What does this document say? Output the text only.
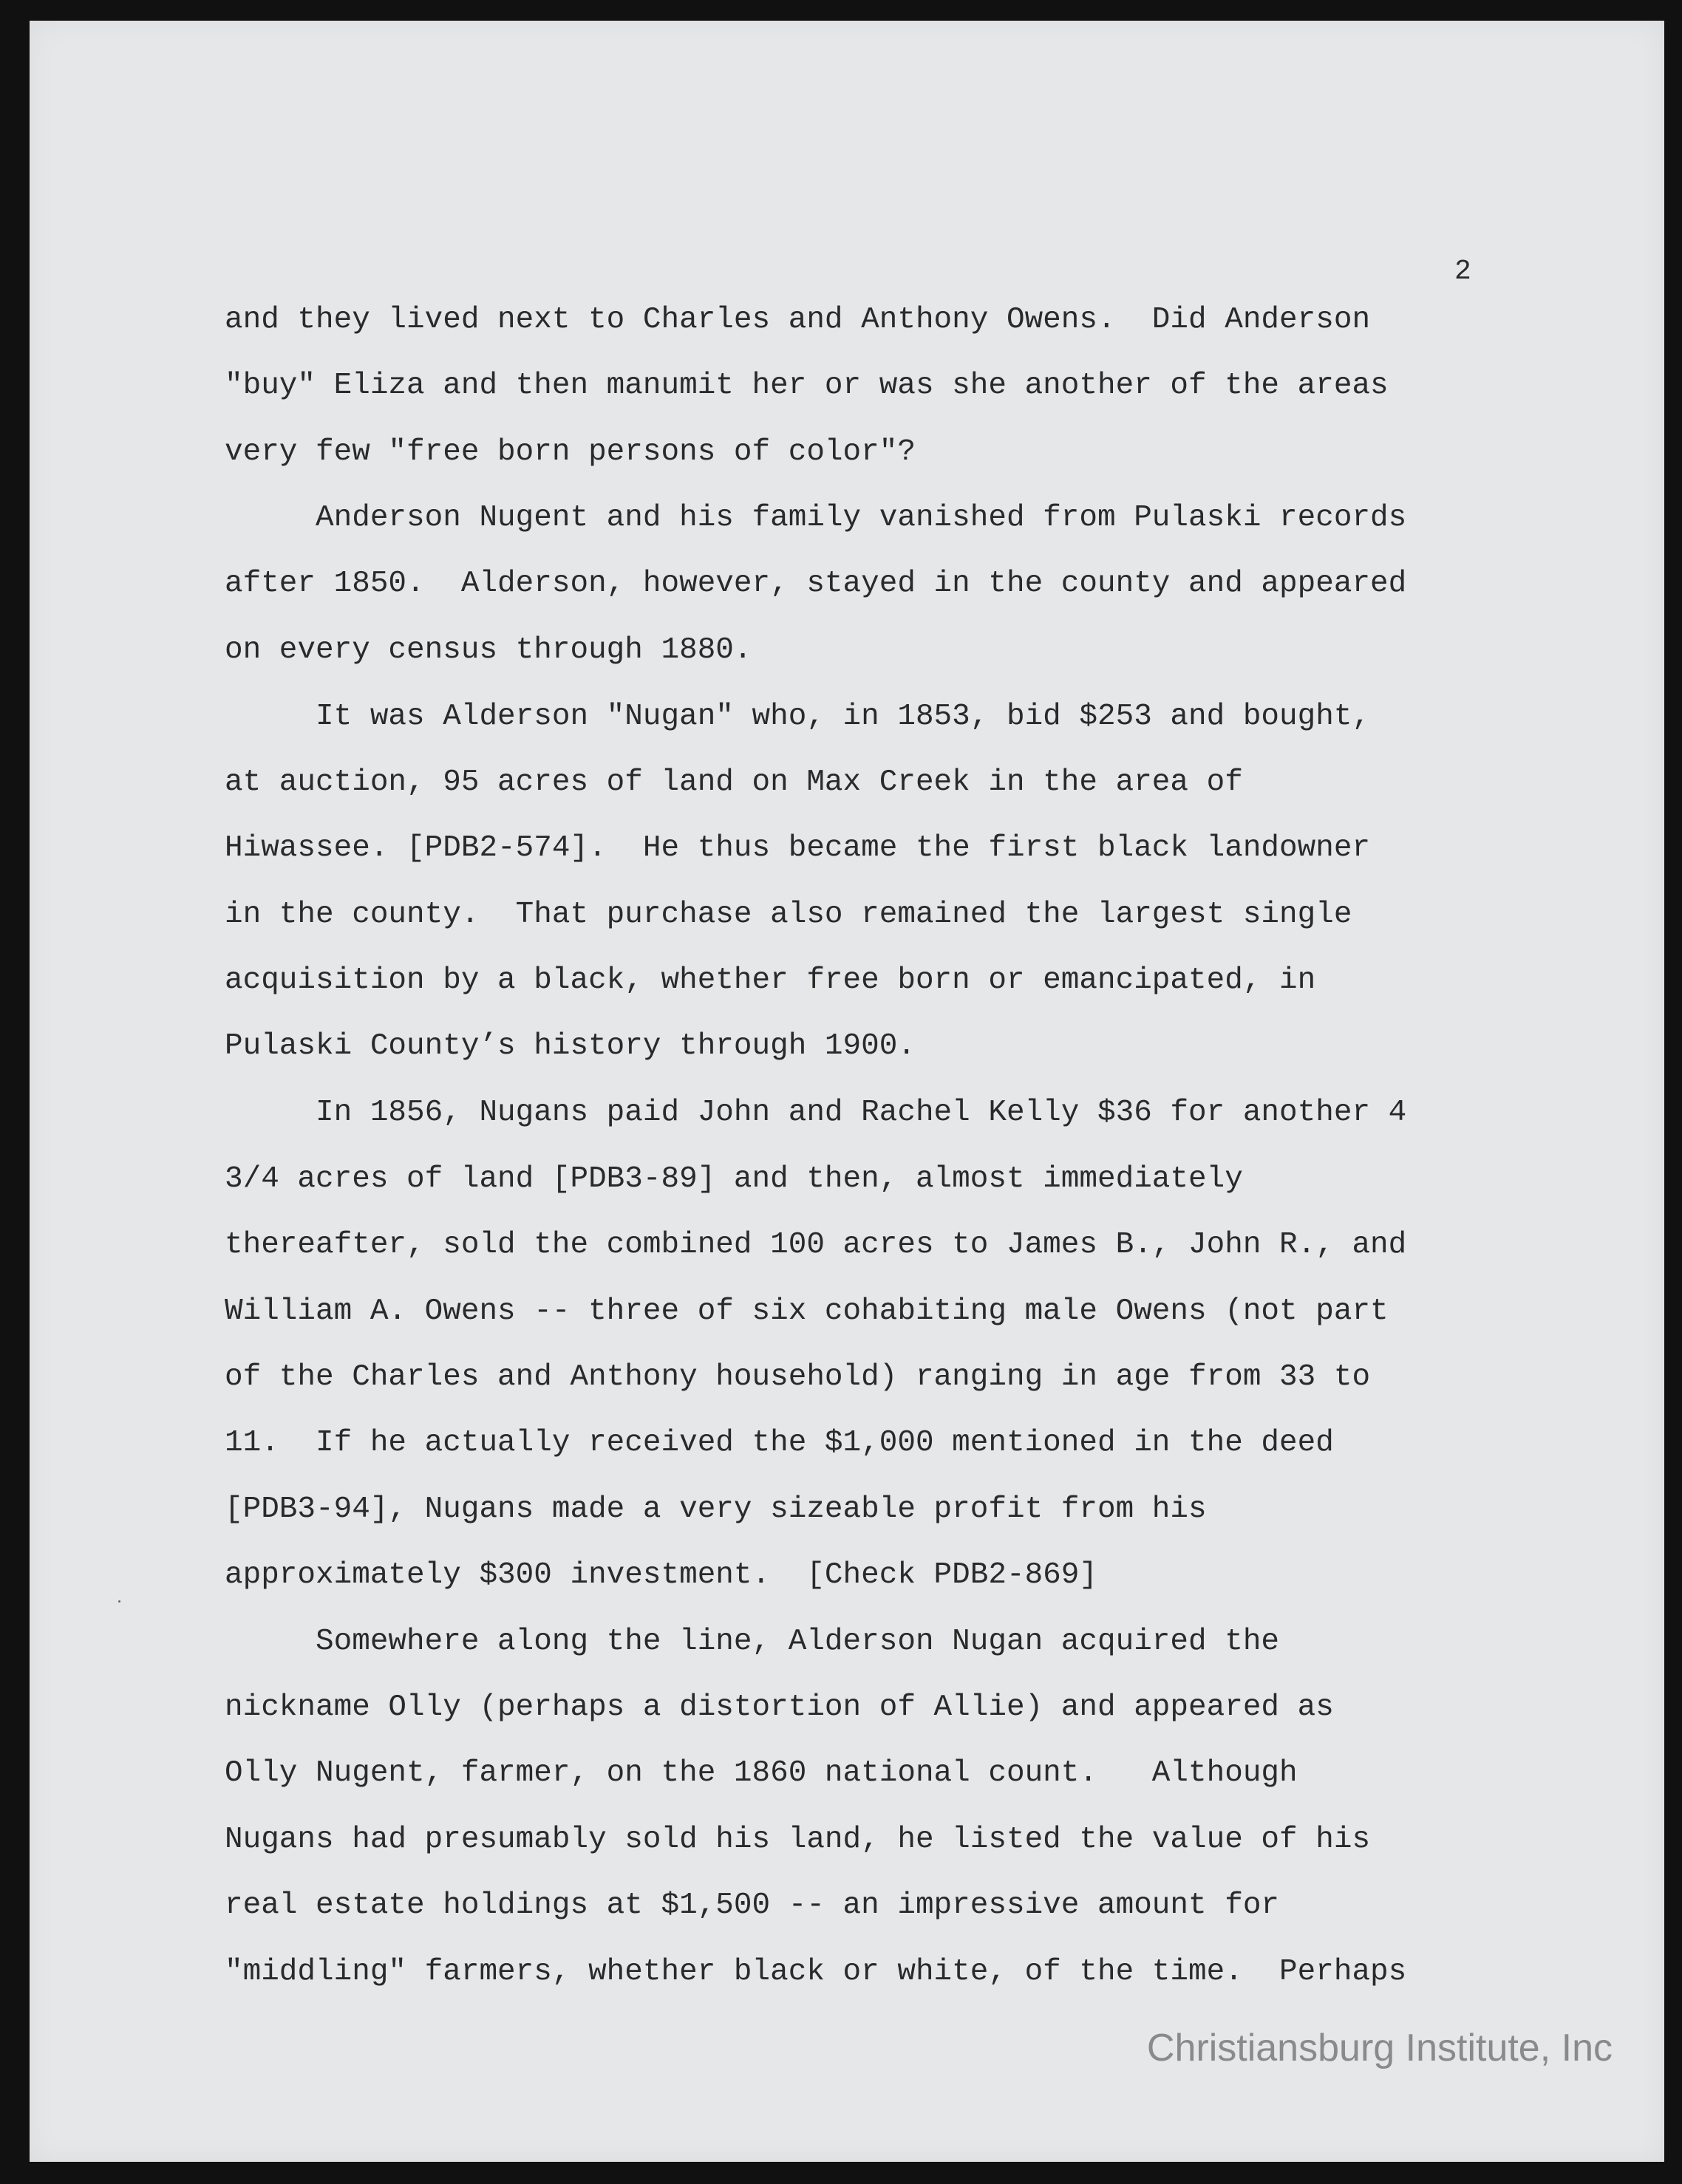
2

and they lived next to Charles and Anthony Owens.  Did Anderson

"buy" Eliza and then manumit her or was she another of the areas

very few "free born persons of color"?

Anderson Nugent and his family vanished from Pulaski records

after 1850.  Alderson, however, stayed in the county and appeared

on every census through 1880.

It was Alderson "Nugan" who, in 1853, bid $253 and bought,

at auction, 95 acres of land on Max Creek in the area of

Hiwassee. [PDB2-574].  He thus became the first black landowner

in the county.  That purchase also remained the largest single

acquisition by a black, whether free born or emancipated, in

Pulaski County’s history through 1900.

In 1856, Nugans paid John and Rachel Kelly $36 for another 4

3/4 acres of land [PDB3-89] and then, almost immediately

thereafter, sold the combined 100 acres to James B., John R., and

William A. Owens -- three of six cohabiting male Owens (not part

of the Charles and Anthony household) ranging in age from 33 to

11.  If he actually received the $1,000 mentioned in the deed

[PDB3-94], Nugans made a very sizeable profit from his

approximately $300 investment.  [Check PDB2-869]

Somewhere along the line, Alderson Nugan acquired the

nickname Olly (perhaps a distortion of Allie) and appeared as

Olly Nugent, farmer, on the 1860 national count.   Although

Nugans had presumably sold his land, he listed the value of his

real estate holdings at $1,500 -- an impressive amount for

"middling" farmers, whether black or white, of the time.  Perhaps

Christiansburg Institute, Inc
